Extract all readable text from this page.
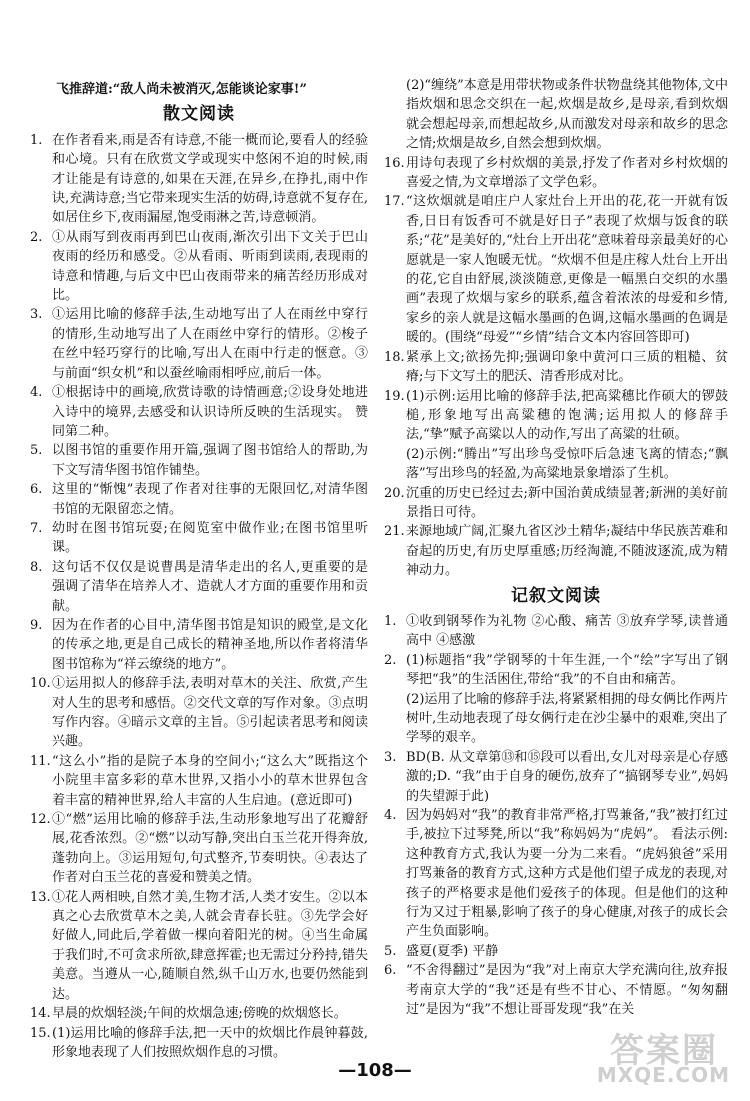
飞推辞道:“敌人尚未被消灭,怎能谈论家事!”
散文阅读
1. 在作者看来,雨是否有诗意,不能一概而论,要看人的经验和心境。只有在欣赏文学或现实中悠闲不迫的时候,雨才让能是有诗意的,如果在天涯,在异乡,在挣扎,雨中作诀,充满诗意;当它带来现实生活的妨碍,诗意就不复存在,如居住乡下,夜雨漏屋,饱受雨淋之苦,诗意顿消。
2. ①从雨写到夜雨再到巴山夜雨,渐次引出下文关于巴山夜雨的经历和感受。②从看雨、听雨到读雨,表现雨的诗意和情趣,与后文中巴山夜雨带来的痛苦经历形成对比。
3. ①运用比喻的修辞手法,生动地写出了人在雨丝中穿行的情形,生动地写出了人在雨丝中穿行的情形。②梭子在丝中轻巧穿行的比喻,写出人在雨中行走的惬意。③与前面“织女机”和以蚕丝喻雨相呼应,前后一体。
4. ①根据诗中的画境,欣赏诗歌的诗情画意;②设身处地进入诗中的境界,去感受和认识诗所反映的生活现实。 赞同第二种。
5. 以图书馆的重要作用开篇,强调了图书馆给人的帮助,为下文写清华图书馆作铺垫。
6. 这里的“惭愧”表现了作者对往事的无限回忆,对清华图书馆的无限留恋之情。
7. 幼时在图书馆玩耍;在阅览室中做作业;在图书馆里听课。
8. 这句话不仅仅是说曹禺是清华走出的名人,更重要的是强调了清华在培养人才、造就人才方面的重要作用和贡献。
9. 因为在作者的心目中,清华图书馆是知识的殿堂,是文化的传承之地,更是自己成长的精神圣地,所以作者将清华图书馆称为“祥云缭绕的地方”。
10. ①运用拟人的修辞手法,表明对草木的关注、欣赏,产生对人生的思考和感悟。②交代文章的写作对象。③点明写作内容。④暗示文章的主旨。⑤引起读者思考和阅读兴趣。
11. “这么小”指的是院子本身的空间小;“这么大”既指这个小院里丰富多彩的草木世界,又指小小的草木世界包含着丰富的精神世界,给人丰富的人生启迪。(意近即可)
12. ①“燃”运用比喻的修辞手法,生动形象地写出了花瓣舒展,花香浓烈。②“燃”以动写静,突出白玉兰花开得奔放,蓬勃向上。③运用短句,句式整齐,节奏明快。④表达了作者对白玉兰花的喜爱和赞美之情。
13. ①花人两相映,自然才美,生物才活,人类才安生。②以本真之心去欣赏草木之美,人就会青春长驻。③先学会好好做人,同此后,学着做一棵向着阳光的树。④当生命属于我们时,不可贪求所欲,肆意挥霍;也无需过分矜持,错失美意。当遵从一心,随顺自然,纵千山万水,也要仍然能到达。
14. 早晨的炊烟轻淡;午间的炊烟急速;傍晚的炊烟悠长。
15. (1)运用比喻的修辞手法,把一天中的炊烟比作晨钟暮鼓,形象地表现了人们按照炊烟作息的习惯。
(2)“缠绕”本意是用带状物或条件状物盘绕其他物体,文中指炊烟和思念交织在一起,炊烟是故乡,是母亲,看到炊烟就会想起母亲,而想起故乡,从而激发对母亲和故乡的思念之情;炊烟是故乡,自然会想到炊烟。
16. 用诗句表现了乡村炊烟的美景,抒发了作者对乡村炊烟的喜爱之情,为文章增添了文学色彩。
17. “这炊烟就是咱庄户人家灶台上开出的花,花一开就有饭香,日日有饭香可不就是好日子”表现了炊烟与饭食的联系;“花”是美好的,“灶台上开出花”意味着母亲最美好的心愿就是一家人饱暖无忧。“炊烟不但是庄稼人灶台上开出的花,它自由舒展,淡淡随意,更像是一幅黑白交织的水墨画”表现了炊烟与家乡的联系,蕴含着浓浓的母爱和乡情,家乡的亲人就是这幅水墨画的色调,这幅水墨画的色调是暖的。(围绕“母爱”“乡情”结合文本内容回答即可)
18. 紧承上文;欲扬先抑;强调印象中黄河口三质的粗糙、贫瘠;与下文写土的肥沃、清香形成对比。
19. (1)示例:运用比喻的修辞手法,把高粱穗比作硕大的锣鼓槌,形象地写出高粱穗的饱满;运用拟人的修辞手法,“挚”赋予高粱以人的动作,写出了高粱的壮硕。
(2)示例:“腾出”写出珍鸟受惊吓后急速飞离的情态;“飘落”写出珍鸟的轻盈,为高粱地景象增添了生机。
20. 沉重的历史已经过去;新中国治黄成绩显著;新洲的美好前景指日可待。
21. 来源地域广阔,汇聚九省区沙土精华;凝结中华民族苦难和奋起的历史,有历史厚重感;历经淘漉,不随波逐流,成为精神动力。
记叙文阅读
1. ①收到钢琴作为礼物 ②心酸、痛苦 ③放弃学琴,读普通高中 ④感激
2. (1)标题指“我”学钢琴的十年生涯,一个“绘”字写出了钢琴把“我”的生活困住,带给“我”的不自由和痛苦。
(2)运用了比喻的修辞手法,将紧紧相拥的母女俩比作两片树叶,生动地表现了母女俩行走在沙尘暴中的艰难,突出了学琴的艰辛。
3. BD(B. 从文章第⑬和⑮段可以看出,女儿对母亲是心存感激的;D. “我”由于自身的硬伤,放弃了“搞钢琴专业”,妈妈的失望源于此)
4. 因为妈妈对“我”的教育非常严格,打骂兼备,“我”被打红过手,被拉下过琴凳,所以“我”称妈妈为“虎妈”。 看法示例:这种教育方式,我认为要一分为二来看。“虎妈狼爸”采用打骂兼备的教育方式,这种方式是他们望子成龙的表现,对孩子的严格要求是他们爱孩子的体现。但是他们的这种行为又过于粗暴,影响了孩子的身心健康,对孩子的成长会产生负面影响。
5. 盛夏(夏季) 平静
6. “不舍得翻过”是因为“我”对上南京大学充满向往,放弃报考南京大学的“我”还是有些不甘心、不情愿。“匆匆翻过”是因为“我”不想让哥哥发现“我”在关
—108—	答案圈
MXQE.COM
